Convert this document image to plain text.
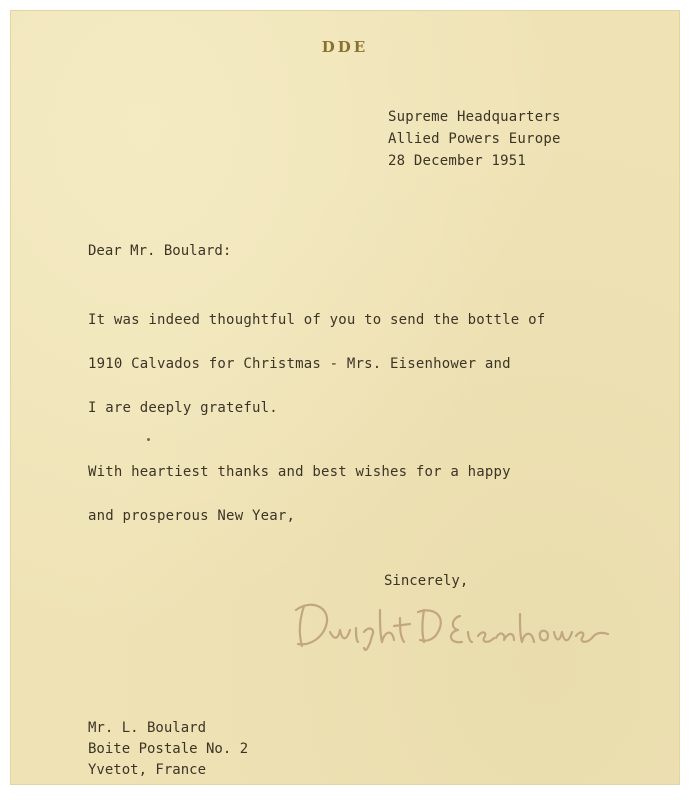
DDE
Supreme Headquarters
Allied Powers Europe
28 December 1951
Dear Mr. Boulard:
It was indeed thoughtful of you to send the bottle of
1910 Calvados for Christmas - Mrs. Eisenhower and
I are deeply grateful.
With heartiest thanks and best wishes for a happy
and prosperous New Year,
Sincerely,
Mr. L. Boulard
Boite Postale No. 2
Yvetot, France
